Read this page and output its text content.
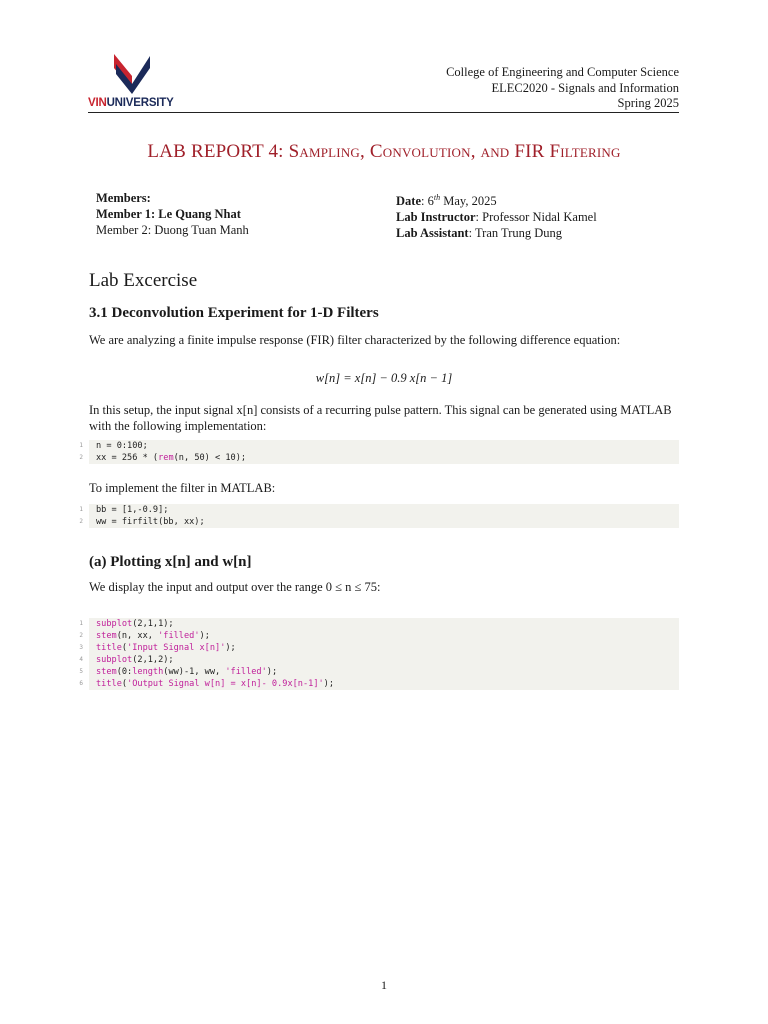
VINUNIVERSITY
College of Engineering and Computer Science
ELEC2020 - Signals and Information
Spring 2025
LAB REPORT 4: Sampling, Convolution, and FIR Filtering
Members:
Member 1: Le Quang Nhat
Member 2: Duong Tuan Manh
Date: 6th May, 2025
Lab Instructor: Professor Nidal Kamel
Lab Assistant: Tran Trung Dung
Lab Excercise
3.1 Deconvolution Experiment for 1-D Filters
We are analyzing a finite impulse response (FIR) filter characterized by the following difference equation:
w[n] = x[n] − 0.9 x[n − 1]
In this setup, the input signal x[n] consists of a recurring pulse pattern. This signal can be generated using MATLAB with the following implementation:
1 n = 0:100;
2 xx = 256 * (rem(n, 50) < 10);
To implement the filter in MATLAB:
1 bb = [1,-0.9];
2 ww = firfilt(bb, xx);
(a) Plotting x[n] and w[n]
We display the input and output over the range 0 ≤ n ≤ 75:
1 subplot(2,1,1);
2 stem(n, xx, 'filled');
3 title('Input Signal x[n]');
4 subplot(2,1,2);
5 stem(0:length(ww)-1, ww, 'filled');
6 title('Output Signal w[n] = x[n]- 0.9x[n-1]');
1
